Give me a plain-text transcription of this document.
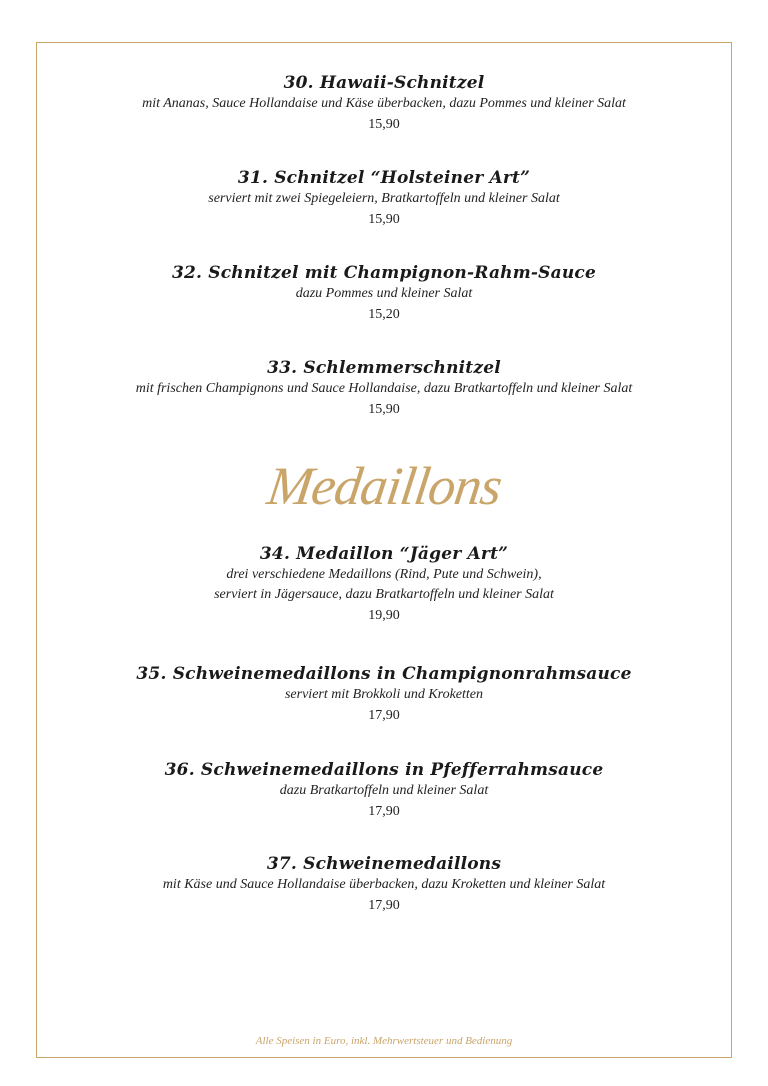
30. Hawaii-Schnitzel

mit Ananas, Sauce Hollandaise und Käse überbacken, dazu Pommes und kleiner Salat

15,90

31. Schnitzel “Holsteiner Art”

serviert mit zwei Spiegeleiern, Bratkartoffeln und kleiner Salat

15,90

32. Schnitzel mit Champignon-Rahm-Sauce

dazu Pommes und kleiner Salat

15,20

33. Schlemmerschnitzel

mit frischen Champignons und Sauce Hollandaise, dazu Bratkartoffeln und kleiner Salat

15,90

Medaillons

34. Medaillon “Jäger Art”

drei verschiedene Medaillons (Rind, Pute und Schwein),

serviert in Jägersauce, dazu Bratkartoffeln und kleiner Salat

19,90

35. Schweinemedaillons in Champignonrahmsauce

serviert mit Brokkoli und Kroketten

17,90

36. Schweinemedaillons in Pfefferrahmsauce

dazu Bratkartoffeln und kleiner Salat

17,90

37. Schweinemedaillons

mit Käse und Sauce Hollandaise überbacken, dazu Kroketten und kleiner Salat

17,90

Alle Speisen in Euro, inkl. Mehrwertsteuer und Bedienung
